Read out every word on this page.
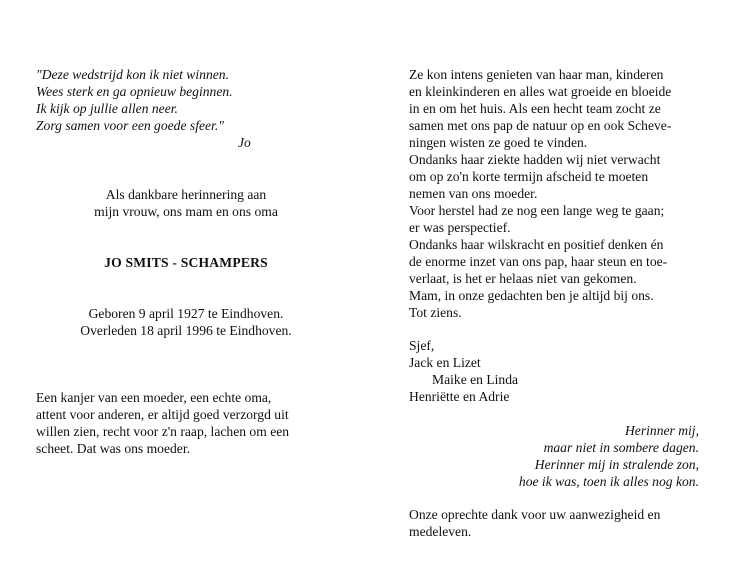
"Deze wedstrijd kon ik niet winnen.
Wees sterk en ga opnieuw beginnen.
Ik kijk op jullie allen neer.
Zorg samen voor een goede sfeer."
Jo
Als dankbare herinnering aan
mijn vrouw, ons mam en ons oma
JO SMITS - SCHAMPERS
Geboren 9 april 1927 te Eindhoven.
Overleden 18 april 1996 te Eindhoven.
Een kanjer van een moeder, een echte oma,
attent voor anderen, er altijd goed verzorgd uit
willen zien, recht voor z'n raap, lachen om een
scheet. Dat was ons moeder.
Ze kon intens genieten van haar man, kinderen
en kleinkinderen en alles wat groeide en bloeide
in en om het huis. Als een hecht team zocht ze
samen met ons pap de natuur op en ook Scheve-
ningen wisten ze goed te vinden.
Ondanks haar ziekte hadden wij niet verwacht
om op zo'n korte termijn afscheid te moeten
nemen van ons moeder.
Voor herstel had ze nog een lange weg te gaan;
er was perspectief.
Ondanks haar wilskracht en positief denken én
de enorme inzet van ons pap, haar steun en toe-
verlaat, is het er helaas niet van gekomen.
Mam, in onze gedachten ben je altijd bij ons.
Tot ziens.
Sjef,
Jack en Lizet
Maike en Linda
Henriëtte en Adrie
Herinner mij,
maar niet in sombere dagen.
Herinner mij in stralende zon,
hoe ik was, toen ik alles nog kon.
Onze oprechte dank voor uw aanwezigheid en
medeleven.
